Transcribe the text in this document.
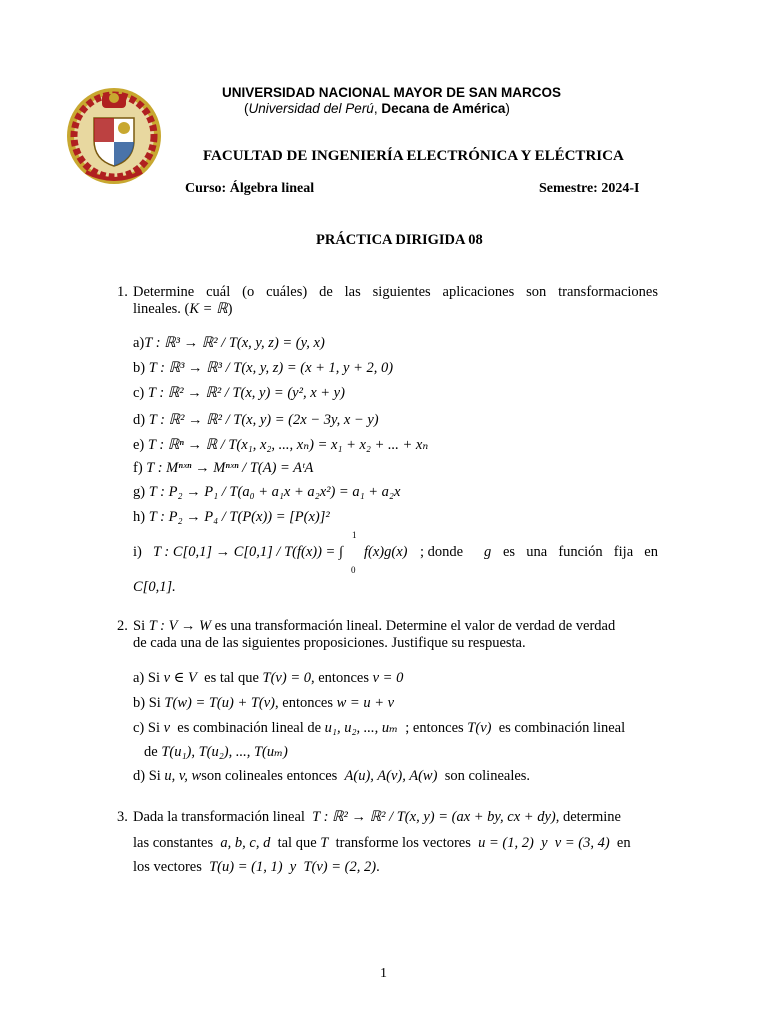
UNIVERSIDAD NACIONAL MAYOR DE SAN MARCOS
(Universidad del Perú, Decana de América)
FACULTAD DE INGENIERÍA ELECTRÓNICA Y ELÉCTRICA
Curso: Álgebra lineal	Semestre: 2024-I
PRÁCTICA DIRIGIDA 08
1. Determine cuál (o cuáles) de las siguientes aplicaciones son transformaciones
lineales. (K = ℝ)
a)T : ℝ³ → ℝ² / T(x, y, z) = (y, x)
b) T : ℝ³ → ℝ³ / T(x, y, z) = (x + 1, y + 2, 0)
c) T : ℝ² → ℝ² / T(x, y) = (y², x + y)
d) T : ℝ² → ℝ² / T(x, y) = (2x − 3y, x − y)
e) T : ℝⁿ → ℝ / T(x₁, x₂, ..., xₙ) = x₁ + x₂ + ... + xₙ
f) T : Mⁿˣⁿ → Mⁿˣⁿ / T(A) = AᵗA
g) T : P₂ → P₁ / T(a₀ + a₁x + a₂x²) = a₁ + a₂x
h) T : P₂ → P₄ / T(P(x)) = [P(x)]²
i) T : C[0,1] → C[0,1] / T(f(x)) = ∫
1
0
f(x)g(x) ; donde g es una función fija en
C[0,1].
2. Si T : V → W es una transformación lineal. Determine el valor de verdad de verdad
de cada una de las siguientes proposiciones. Justifique su respuesta.
a) Si v ∈ V es tal que T(v) = 0, entonces v = 0
b) Si T(w) = T(u) + T(v), entonces w = u + v
c) Si v es combinación lineal de u₁, u₂, ..., uₘ ; entonces T(v) es combinación lineal
de T(u₁), T(u₂), ..., T(uₘ)
d) Si u, v, wson colineales entonces A(u), A(v), A(w) son colineales.
3. Dada la transformación lineal T : ℝ² → ℝ² / T(x, y) = (ax + by, cx + dy), determine
las constantes a, b, c, d tal que T transforme los vectores u = (1, 2) y v = (3, 4) en
los vectores T(u) = (1, 1) y T(v) = (2, 2).
1
